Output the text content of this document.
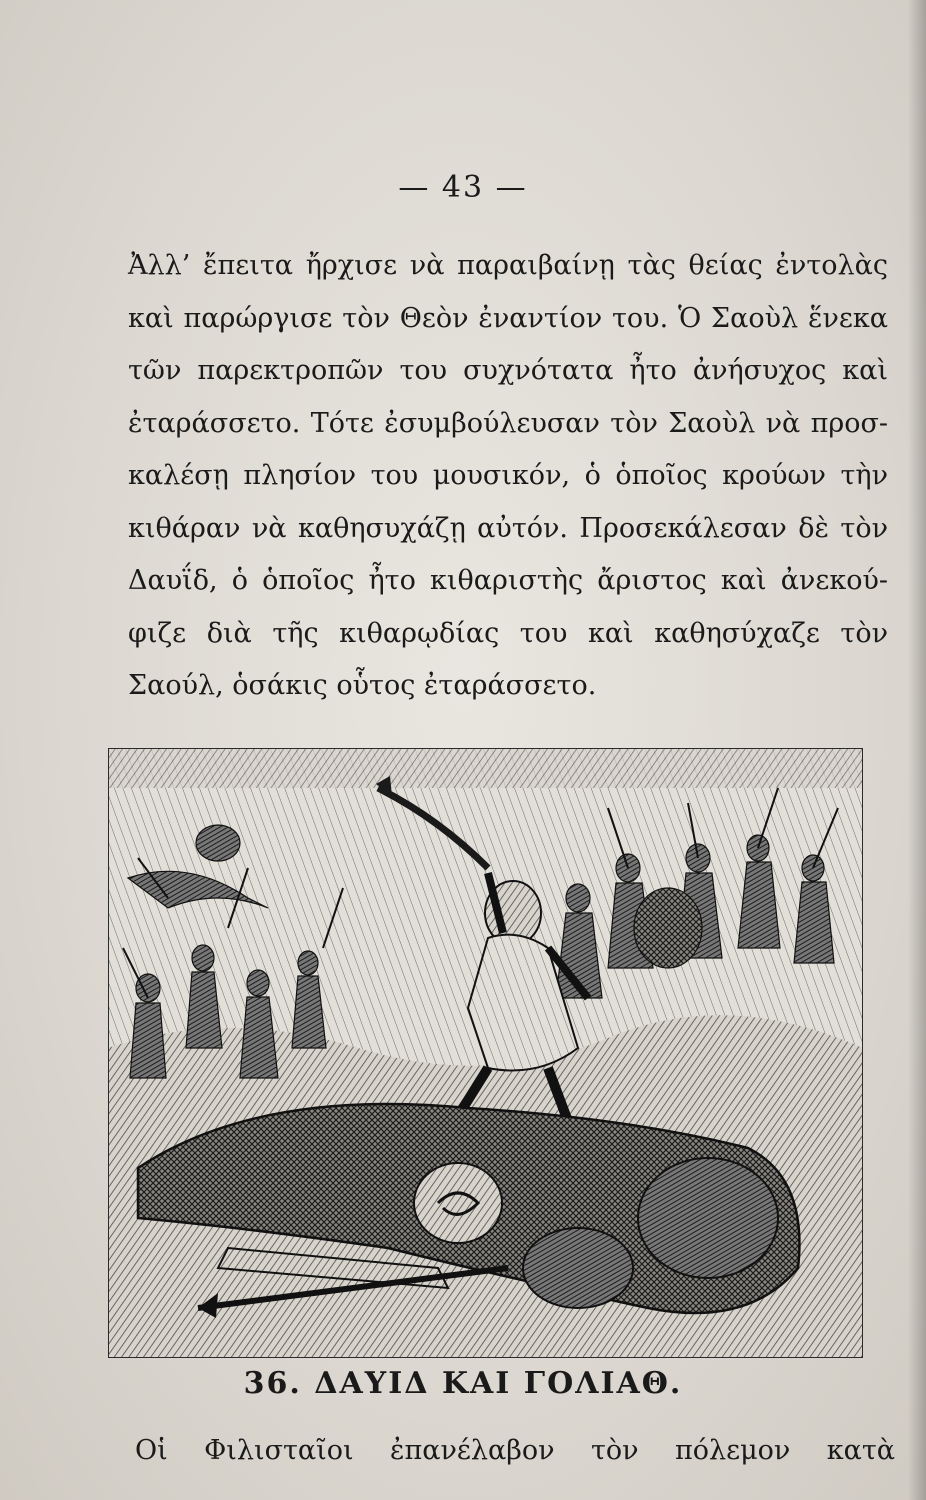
— 43 —
Ἀλλ’ ἔπειτα ἤρχισε νὰ παραιβαίνῃ τὰς θείας ἐντολὰς
καὶ παρώργισε τὸν Θεὸν ἐναντίον του. Ὁ Σαοὺλ ἕνεκα
τῶν παρεκτροπῶν του συχνότατα ἦτο ἀνήσυχος καὶ
ἐταράσσετο. Τότε ἐσυμβούλευσαν τὸν Σαοὺλ νὰ προσ-
καλέσῃ πλησίον του μουσικόν, ὁ ὁποῖος κρούων τὴν
κιθάραν νὰ καθησυχάζῃ αὐτόν. Προσεκάλεσαν δὲ τὸν
Δαυΐδ, ὁ ὁποῖος ἦτο κιθαριστὴς ἄριστος καὶ ἀνεκού-
φιζε διὰ τῆς κιθαρῳδίας του καὶ καθησύχαζε τὸν
Σαούλ, ὁσάκις οὗτος ἐταράσσετο.
36. ΔΑΥΙΔ ΚΑΙ ΓΟΛΙΑΘ.
Οἱ Φιλισταῖοι ἐπανέλαβον τὸν πόλεμον κατὰ
